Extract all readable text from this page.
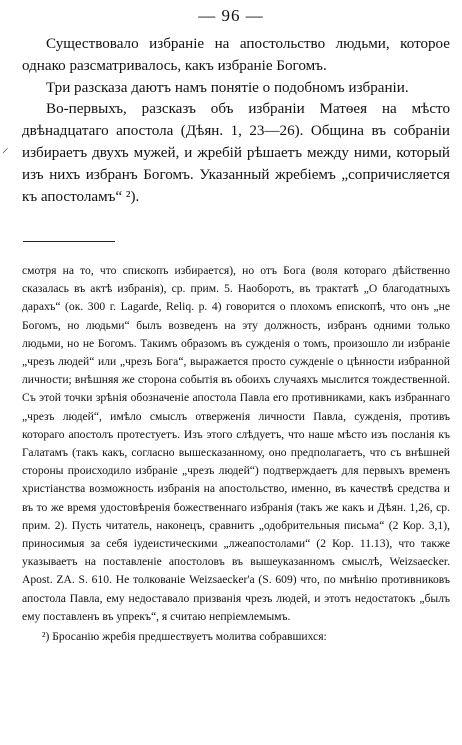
— 96 —
⸝

Существовало избраніе на апостольство людьми, которое однако разсматривалось, какъ избраніе Богомъ.

Три разсказа даютъ намъ понятіе о подобномъ избраніи.

Во-первыхъ, разсказъ объ избраніи Матѳея на мѣсто двѣнадцатаго апостола (Дѣян. 1, 23—26). Община въ собраніи избираетъ двухъ мужей, и жребій рѣшаетъ между ними, который изъ нихъ избранъ Богомъ. Указанный жребіемъ „сопричисляется къ апостоламъ“ ²).

смотря на то, что спископъ избирается), но отъ Бога (воля котораго дѣйственно сказалась въ актѣ избранія), ср. прим. 5. Наоборотъ, въ трактатѣ „О благодатныхъ дарахъ“ (ок. 300 г. Lagarde, Reliq. p. 4) говорится о плохомъ епископѣ, что онъ „не Богомъ, но людьми“ былъ возведенъ на эту должность, избранъ одними только людьми, но не Богомъ. Такимъ образомъ въ сужденія о томъ, произошло ли избраніе „чрезъ людей“ или „чрезъ Бога“, выражается просто сужденіе о цѣнности избранной личности; внѣшняя же сторона событія въ обоихъ случаяхъ мыслится тождественной. Съ этой точки зрѣнія обозначеніе апостола Павла его противниками, какъ избраннаго „чрезъ людей“, имѣло смыслъ отверженія личности Павла, сужденія, противъ котораго апостолъ протестуетъ. Изъ этого слѣдуетъ, что наше мѣсто изъ посланія къ Галатамъ (такъ какъ, согласно вышесказанному, оно предполагаетъ, что съ внѣшней стороны происходило избраніе „чрезъ людей“) подтверждаетъ для первыхъ временъ христіанства возможность избранія на апостольство, именно, въ качествѣ средства и въ то же время удостовѣренія божественнаго избранія (такъ же какъ и Дѣян. 1,26, ср. прим. 2). Пусть читатель, наконецъ, сравнитъ „одобрительныя письма“ (2 Кор. 3,1), приносимыя за себя іудеистическими „лжеапостолами“ (2 Кор. 11.13), что также указываетъ на поставленіе апостоловъ въ вышеуказанномъ смыслѣ, Weizsaecker. Apost. ZA. S. 610. Не толкованіе Weizsaecker'a (S. 609) что, по мнѣнію противниковъ апостола Павла, ему недоставало призванія чрезъ людей, и этотъ недостатокъ „былъ ему поставленъ въ упрекъ“, я считаю непріемлемымъ.

²) Бросанію жребія предшествуетъ молитва собравшихся:
